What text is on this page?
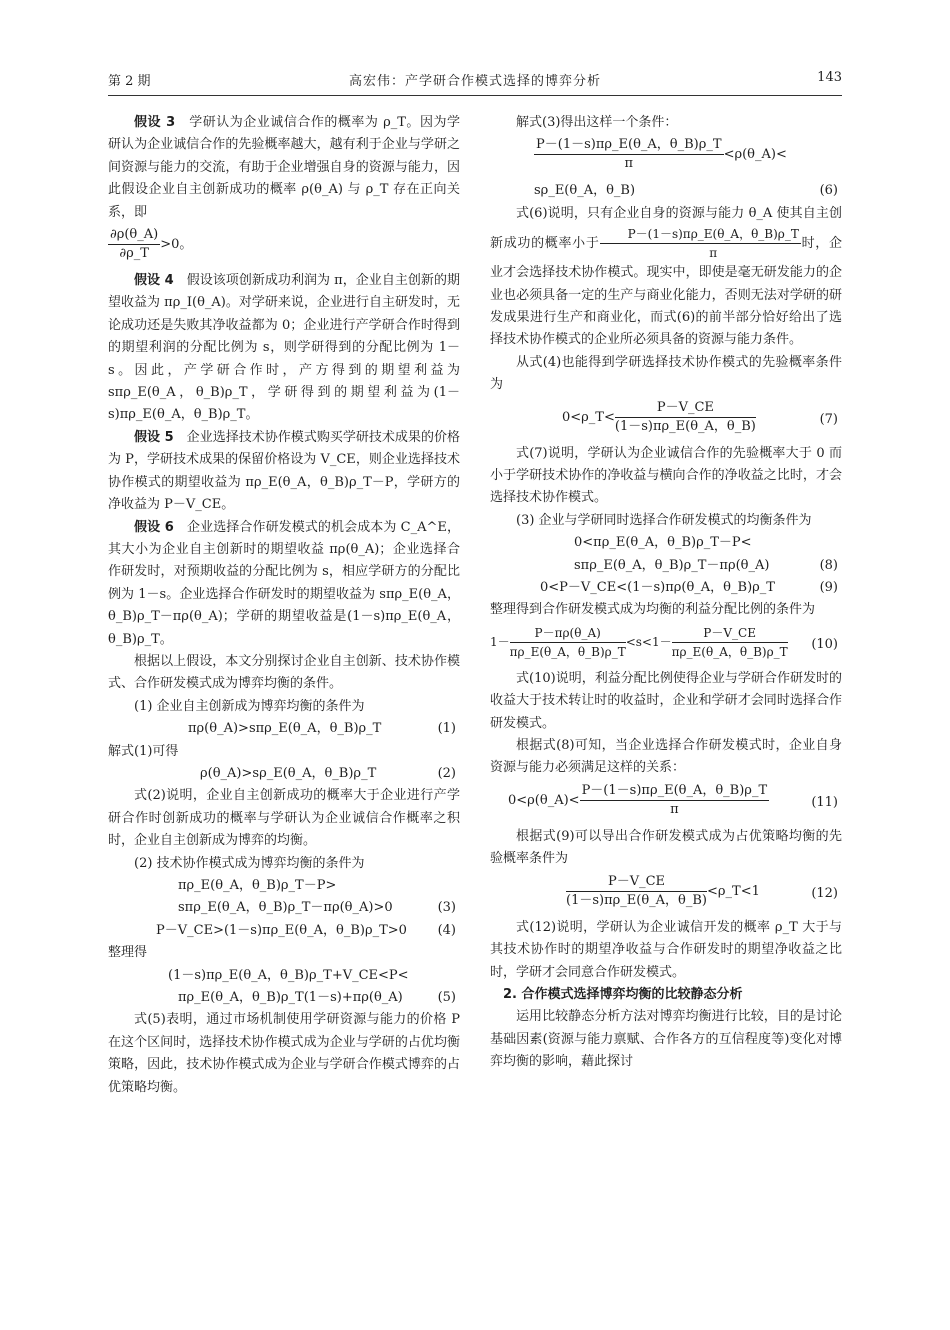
第 2 期	高宏伟：产学研合作模式选择的博弈分析	143

假设 3　 学研认为企业诚信合作的概率为 ρ_T。因为学研认为企业诚信合作的先验概率越大，越有利于企业与学研之间资源与能力的交流，有助于企业增强自身的资源与能力，因此假设企业自主创新成功的概率 ρ(θ_A) 与 ρ_T 存在正向关系，即

$\frac{\partial\rho(\theta\_A)}{\partial\rho\_T} >0$。

假设 4　 假设该项创新成功利润为 π，企业自主创新的期望收益为 πρ_I(θ_A)。对学研来说，企业进行自主研发时，无论成功还是失败其净收益都为 0；企业进行产学研合作时得到的期望利润的分配比例为 s，则学研得到的分配比例为 1－s。因此，产学研合作时，产方得到的期望利益为 sπρ_E(θ_A，θ_B)ρ_T，学研得到的期望利益为(1－s)πρ_E(θ_A，θ_B)ρ_T。

假设 5　 企业选择技术协作模式购买学研技术成果的价格为 P，学研技术成果的保留价格设为 V_CE，则企业选择技术协作模式的期望收益为 πρ_E(θ_A，θ_B)ρ_T－P，学研方的净收益为 P－V_CE。

假设 6　 企业选择合作研发模式的机会成本为 C_A^E，其大小为企业自主创新时的期望收益 πρ(θ_A)；企业选择合作研发时，对预期收益的分配比例为 s，相应学研方的分配比例为 1－s。企业选择合作研发时的期望收益为 sπρ_E(θ_A，θ_B)ρ_T－πρ(θ_A)；学研的期望收益是(1－s)πρ_E(θ_A，θ_B)ρ_T。

根据以上假设，本文分别探讨企业自主创新、技术协作模式、合作研发模式成为博弈均衡的条件。

(1) 企业自主创新成为博弈均衡的条件为

πρ(θ_A)>sπρ_E(θ_A，θ_B)ρ_T	(1)

解式(1)可得

ρ(θ_A)>sρ_E(θ_A，θ_B)ρ_T	(2)

式(2)说明，企业自主创新成功的概率大于企业进行产学研合作时创新成功的概率与学研认为企业诚信合作概率之积时，企业自主创新成为博弈的均衡。

(2) 技术协作模式成为博弈均衡的条件为

πρ_E(θ_A，θ_B)ρ_T－P>
sπρ_E(θ_A，θ_B)ρ_T－πρ(θ_A)>0	(3)
P－V_CE>(1－s)πρ_E(θ_A，θ_B)ρ_T>0 (4)

整理得

(1－s)πρ_E(θ_A，θ_B)ρ_T+V_CE<P<
πρ_E(θ_A，θ_B)ρ_T(1－s)+πρ(θ_A)	(5)

式(5)表明，通过市场机制使用学研资源与能力的价格 P 在这个区间时，选择技术协作模式成为企业与学研的占优均衡策略，因此，技术协作模式成为企业与学研合作模式博弈的占优策略均衡。

解式(3)得出这样一个条件：

$\frac{P-(1-s)\pi\rho\_E(\theta\_A,\theta\_B)\rho\_T}{\pi}$ <ρ(θ_A)<
sρ_E(θ_A，θ_B)	(6)

式(6)说明，只有企业自身的资源与能力 θ_A 使其自主创新成功的概率小于 $\frac{P-(1-s)\pi\rho\_E(\theta\_A,\theta\_B)\rho\_T}{\pi}$ 时，企业才会选择技术协作模式。现实中，即使是毫无研发能力的企业也必须具备一定的生产与商业化能力，否则无法对学研的研发成果进行生产和商业化，而式(6)的前半部分恰好给出了选择技术协作模式的企业所必须具备的资源与能力条件。

从式(4)也能得到学研选择技术协作模式的先验概率条件为

0<ρ_T< $\frac{P-V\_CE}{(1-s)\pi\rho\_E(\theta\_A,\theta\_B)}$	(7)

式(7)说明，学研认为企业诚信合作的先验概率大于 0 而小于学研技术协作的净收益与横向合作的净收益之比时，才会选择技术协作模式。

(3) 企业与学研同时选择合作研发模式的均衡条件为

0<πρ_E(θ_A，θ_B)ρ_T－P<
sπρ_E(θ_A，θ_B)ρ_T－πρ(θ_A)	(8)
0<P－V_CE<(1－s)πρ(θ_A，θ_B)ρ_T	(9)

整理得到合作研发模式成为均衡的利益分配比例的条件为

$1- \frac{P-\pi\rho(\theta\_A)}{\pi\rho\_E(\theta\_A,\theta\_B)\rho\_T} <s<1- \frac{P-V\_CE}{\pi\rho\_E(\theta\_A,\theta\_B)\rho\_T} (10)$

式(10)说明，利益分配比例使得企业与学研合作研发时的收益大于技术转让时的收益时，企业和学研才会同时选择合作研发模式。

根据式(8)可知，当企业选择合作研发模式时，企业自身资源与能力必须满足这样的关系：

0<ρ(θ_A)< $\frac{P-(1-s)\pi\rho\_E(\theta\_A,\theta\_B)\rho\_T}{\pi}$	(11)

根据式(9)可以导出合作研发模式成为占优策略均衡的先验概率条件为

$\frac{P-V\_CE}{(1-s)\pi\rho\_E(\theta\_A,\theta\_B)}$ <ρ_T<1	(12)

式(12)说明，学研认为企业诚信开发的概率 ρ_T 大于与其技术协作时的期望净收益与合作研发时的期望净收益之比时，学研才会同意合作研发模式。

2. 合作模式选择博弈均衡的比较静态分析

运用比较静态分析方法对博弈均衡进行比较，目的是讨论基础因素(资源与能力禀赋、合作各方的互信程度等)变化对博弈均衡的影响，藉此探讨
